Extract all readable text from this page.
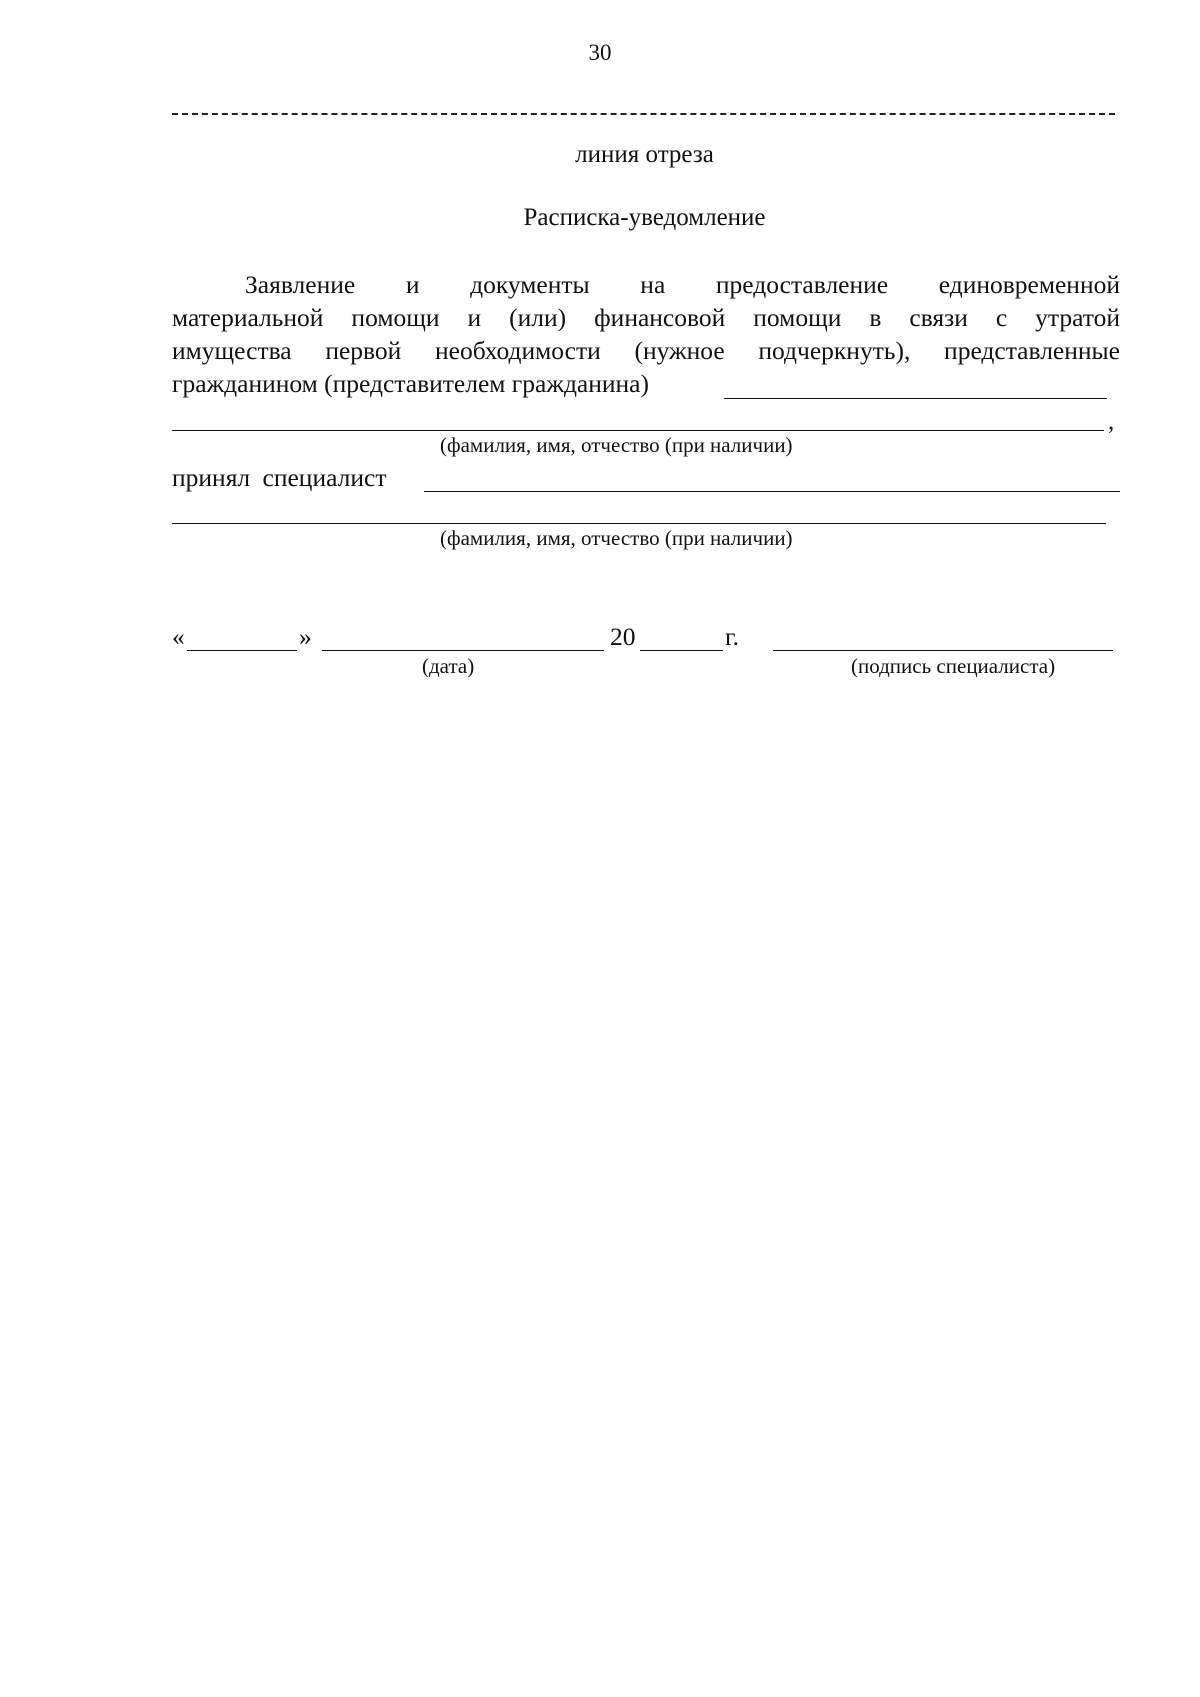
30
линия отреза
Расписка-уведомление
Заявление и документы на предоставление единовременной
материальной помощи и (или) финансовой помощи в связи с утратой
имущества первой необходимости (нужное подчеркнуть), представленные
гражданином (представителем гражданина)
,
(фамилия, имя, отчество (при наличии)
принял специалист
(фамилия, имя, отчество (при наличии)
«	»	20	г.
(дата)	(подпись специалиста)
